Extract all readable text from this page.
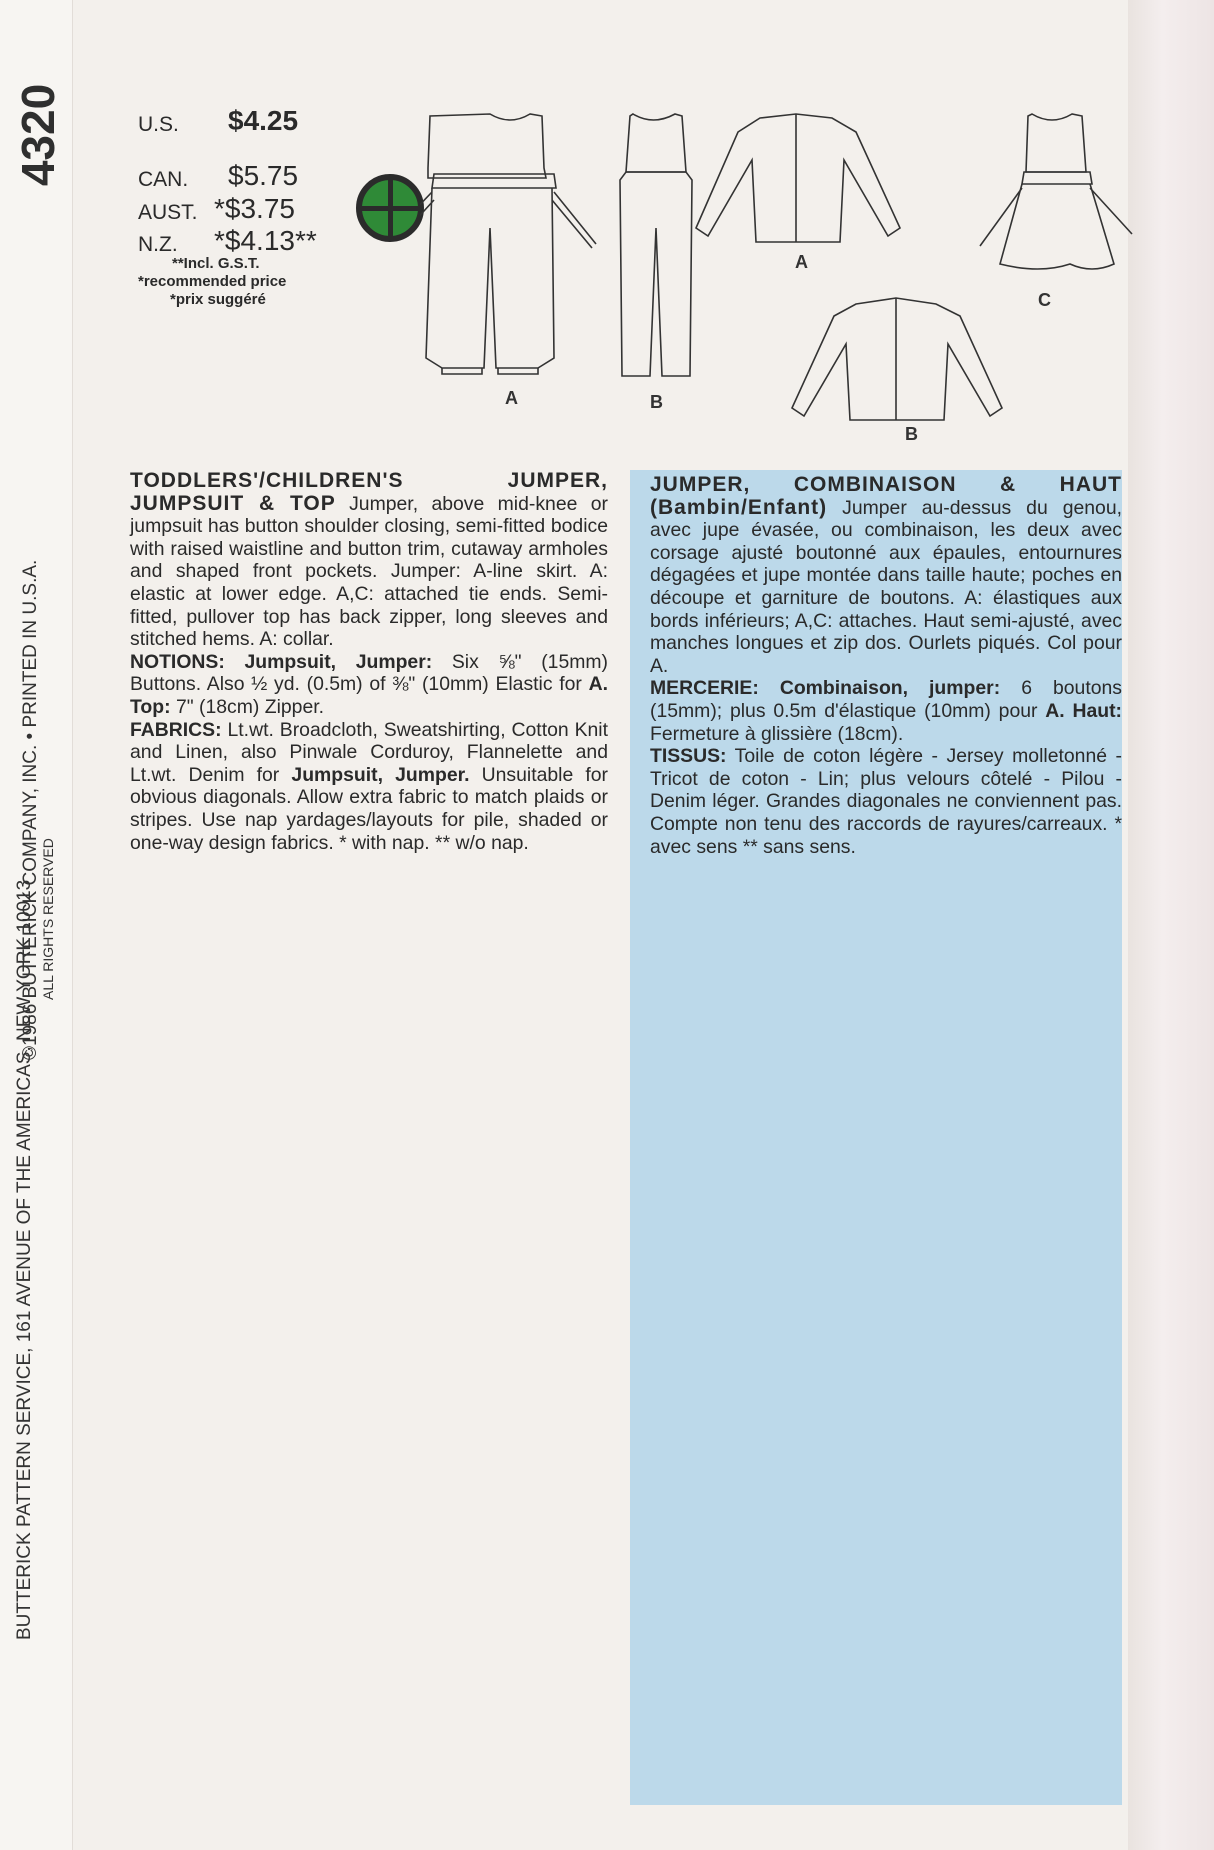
4320
BUTTERICK PATTERN SERVICE, 161 AVENUE OF THE AMERICAS, NEW YORK 10013
©1986 BUTTERICK COMPANY, INC. • PRINTED IN U.S.A. ALL RIGHTS RESERVED
U.S. $4.25
CAN. $5.75
AUST. *$3.75
N.Z. *$4.13**
**Incl. G.S.T.
*recommended price
*prix suggéré
A	B
A
B
C
TODDLERS'/CHILDREN'S JUMPER, JUMPSUIT & TOP Jumper, above mid-knee or jumpsuit has button shoulder closing, semi-fitted bodice with raised waistline and button trim, cutaway armholes and shaped front pockets. Jumper: A-line skirt. A: elastic at lower edge. A,C: attached tie ends. Semi-fitted, pullover top has back zipper, long sleeves and stitched hems. A: collar.
NOTIONS: Jumpsuit, Jumper: Six ⅝" (15mm) Buttons. Also ½ yd. (0.5m) of ⅜" (10mm) Elastic for A. Top: 7" (18cm) Zipper.
FABRICS: Lt.wt. Broadcloth, Sweatshirting, Cotton Knit and Linen, also Pinwale Corduroy, Flannelette and Lt.wt. Denim for Jumpsuit, Jumper. Unsuitable for obvious diagonals. Allow extra fabric to match plaids or stripes. Use nap yardages/layouts for pile, shaded or one-way design fabrics. * with nap. ** w/o nap.
JUMPER, COMBINAISON & HAUT (Bambin/Enfant) Jumper au-dessus du genou, avec jupe évasée, ou combinaison, les deux avec corsage ajusté boutonné aux épaules, entournures dégagées et jupe montée dans taille haute; poches en découpe et garniture de boutons. A: élastiques aux bords inférieurs; A,C: attaches. Haut semi-ajusté, avec manches longues et zip dos. Ourlets piqués. Col pour A.
MERCERIE: Combinaison, jumper: 6 boutons (15mm); plus 0.5m d'élastique (10mm) pour A. Haut: Fermeture à glissière (18cm).
TISSUS: Toile de coton légère - Jersey molletonné - Tricot de coton - Lin; plus velours côtelé - Pilou - Denim léger. Grandes diagonales ne conviennent pas. Compte non tenu des raccords de rayures/carreaux. * avec sens ** sans sens.
